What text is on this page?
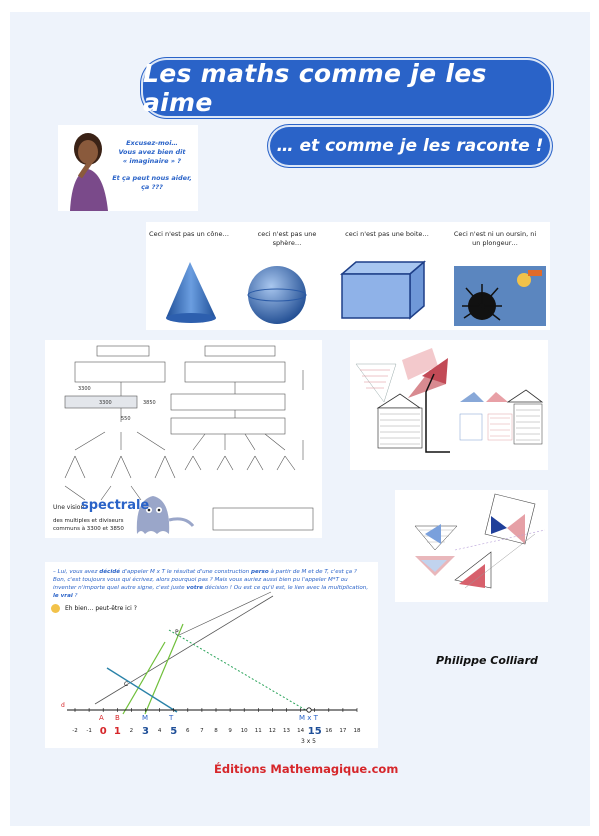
Les maths comme je les aime
… et comme je les raconte !
Excusez-moi…
Vous avez bien dit
« imaginaire » ?
Et ça peut nous aider, ça ???
Ceci n'est pas un cône…	ceci n'est pas une sphère…
ceci n'est pas une boite…	Ceci n'est ni un oursin, ni un plongeur…
3300
3300
550
3850
Une vision
spectrale
des multiples et diviseurs
communs à 3300 et 3850
– Lui, vous avez décidé d'appeler M x T le résultat d'une construction perso à partir de M et de T, c'est ça ? Bon, c'est toujours vous qui écrivez, alors pourquoi pas ? Mais vous auriez aussi bien pu l'appeler M*T ou inventer n'importe quel autre signe, c'est juste votre décision ! Ou est ce qu'il est, le lien avec la multiplication, le vrai ?
Eh bien… peut-être ici ?
-2 -1 0 1 2 3 4 5 6 7 8 9 10 11 12 13 14 15 16 17 18
d
C
P
A B	M	T	M x T
3 x 5
Philippe Colliard
Éditions Mathemagique.com
